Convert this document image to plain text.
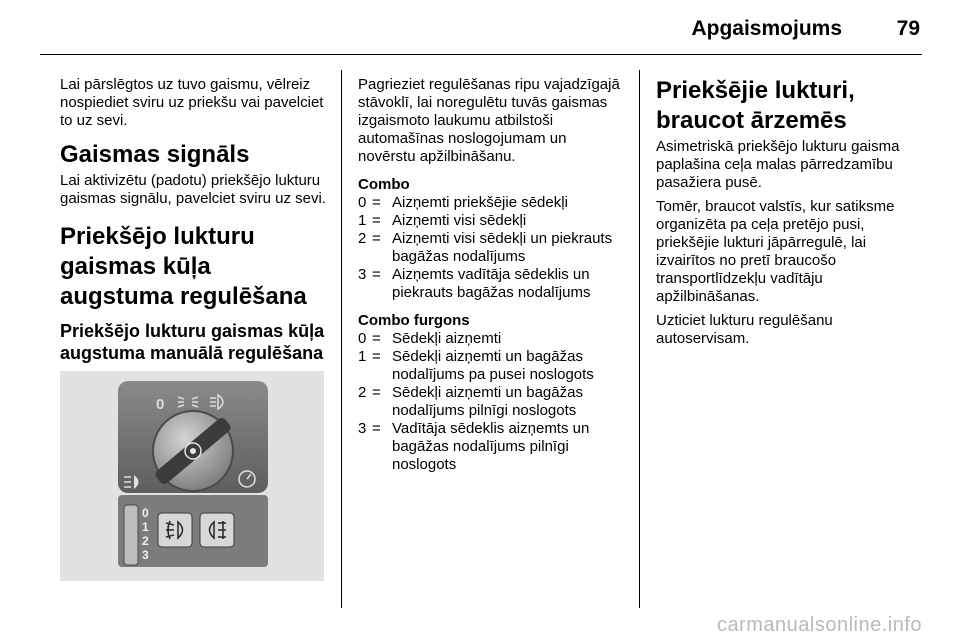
Apgaismojums	79

Lai pārslēgtos uz tuvo gaismu, vēlreiz nospiediet sviru uz priekšu vai pavelciet to uz sevi.

Gaismas signāls

Lai aktivizētu (padotu) priekšējo lukturu gaismas signālu, pavelciet sviru uz sevi.

Priekšējo lukturu gaismas kūļa augstuma regulēšana
Priekšējo lukturu gaismas kūļa augstuma manuālā regulēšana
0
0
1
2
3

Pagrieziet regulēšanas ripu vajadzīgajā stāvoklī, lai noregulētu tuvās gaismas izgaismoto laukumu atbilstoši automašīnas noslogojumam un novērstu apžilbināšanu.

Combo
0 = Aizņemti priekšējie sēdekļi
1 = Aizņemti visi sēdekļi
2 = Aizņemti visi sēdekļi un piekrauts bagāžas nodalījums
3 = Aizņemts vadītāja sēdeklis un piekrauts bagāžas nodalījums
Combo furgons
0 = Sēdekļi aizņemti
1 = Sēdekļi aizņemti un bagāžas nodalījums pa pusei noslogots
2 = Sēdekļi aizņemti un bagāžas nodalījums pilnīgi noslogots
3 = Vadītāja sēdeklis aizņemts un bagāžas nodalījums pilnīgi noslogots
Priekšējie lukturi, braucot ārzemēs

Asimetriskā priekšējo lukturu gaisma paplašina ceļa malas pārredzamību pasažiera pusē.

Tomēr, braucot valstīs, kur satiksme organizēta pa ceļa pretējo pusi, priekšējie lukturi jāpārregulē, lai izvairītos no pretī braucošo transportlīdzekļu vadītāju apžilbināšanas.

Uzticiet lukturu regulēšanu autoservisam.

carmanualsonline.info
